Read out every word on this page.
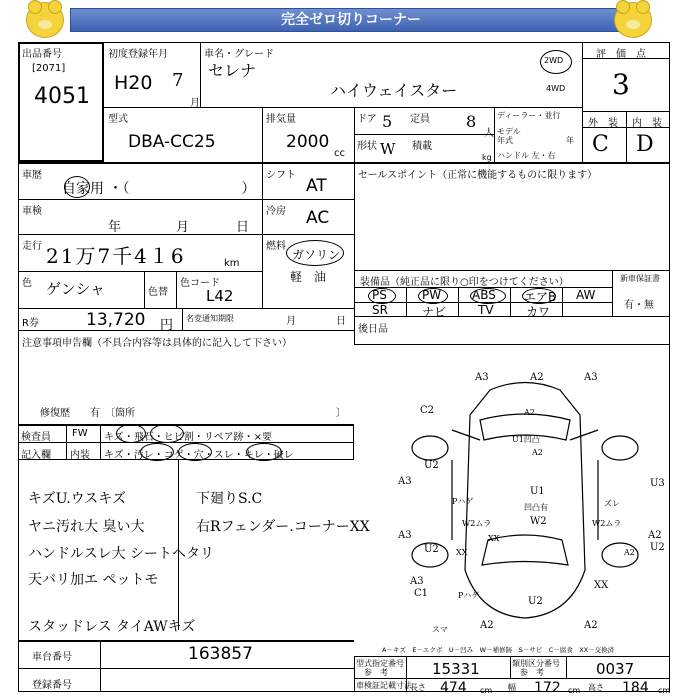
完全ゼロ切りコーナー
出品番号
[2071]
4051
初度登録年月
H20 7
月
車名・グレード
セレナ
ハイウェイスター
2WD
4WD
評　価　点
3
外　装 内　装
C D
型式
DBA-CC25
排気量
2000
cc
ドア 5 定員 8
人
形状 W 積載
kg
ディーラー・並行
モデル
年式	年
ハンドル 左・右
車歴
自家用 ・（　　　　　　　　）
シフト
AT
車検
年	月	日
冷房 AC
走行 21万7千4１6	km
燃料
ガソリン
軽　油
色 ゲンシャ	色替
色コード
L42
R券	13,720 円 名変通知期限	月	日
注意事項申告欄（不具合内容等は具体的に記入して下さい）
修復歴　　有　〔箇所	〕
セールスポイント（正常に機能するものに限ります）
装備品（純正品に限り○印をつけてください）	新車保証書
有・無
PS	PW	ABS エアB AW
SR	ナビ	TV	カワ
後日品
検査員 FW キズ・飛石・ヒビ割・リペア跡・×要
記入欄 内装 キズ・汚レ・コゲ・穴・スレ・キレ・破レ
キズU.ウスキズ
ヤニ汚れ大 臭い大
ハンドルスレ大 シートヘタリ
天バリ加エ ペットモ
スタッドレス タイAWキズ
下廻りS.C
右Rフェンダー.コーナーXX
A3	A2	A3
C2	A2
U1凹凸
A2
U2
A3
Pハゲ
W2ムラ
U2
A3
U1
凹凸有
W2
XX
U3
ズレ
W2ムラ
A2
U2
A2
XX
A3
C1	Pハゲ
U2
XX
A2	A2
スマ
A－キズ　E－エクボ　U－凹み　W－補修跡　S－サビ　C－腐食　XX－交換済
車台番号	163857
登録番号
型式指定番号
参　考	15331	類別区分番号
参　考	0037
車検証記載寸法
長さ 474 cm 幅 172 cm 高さ 184 cm
